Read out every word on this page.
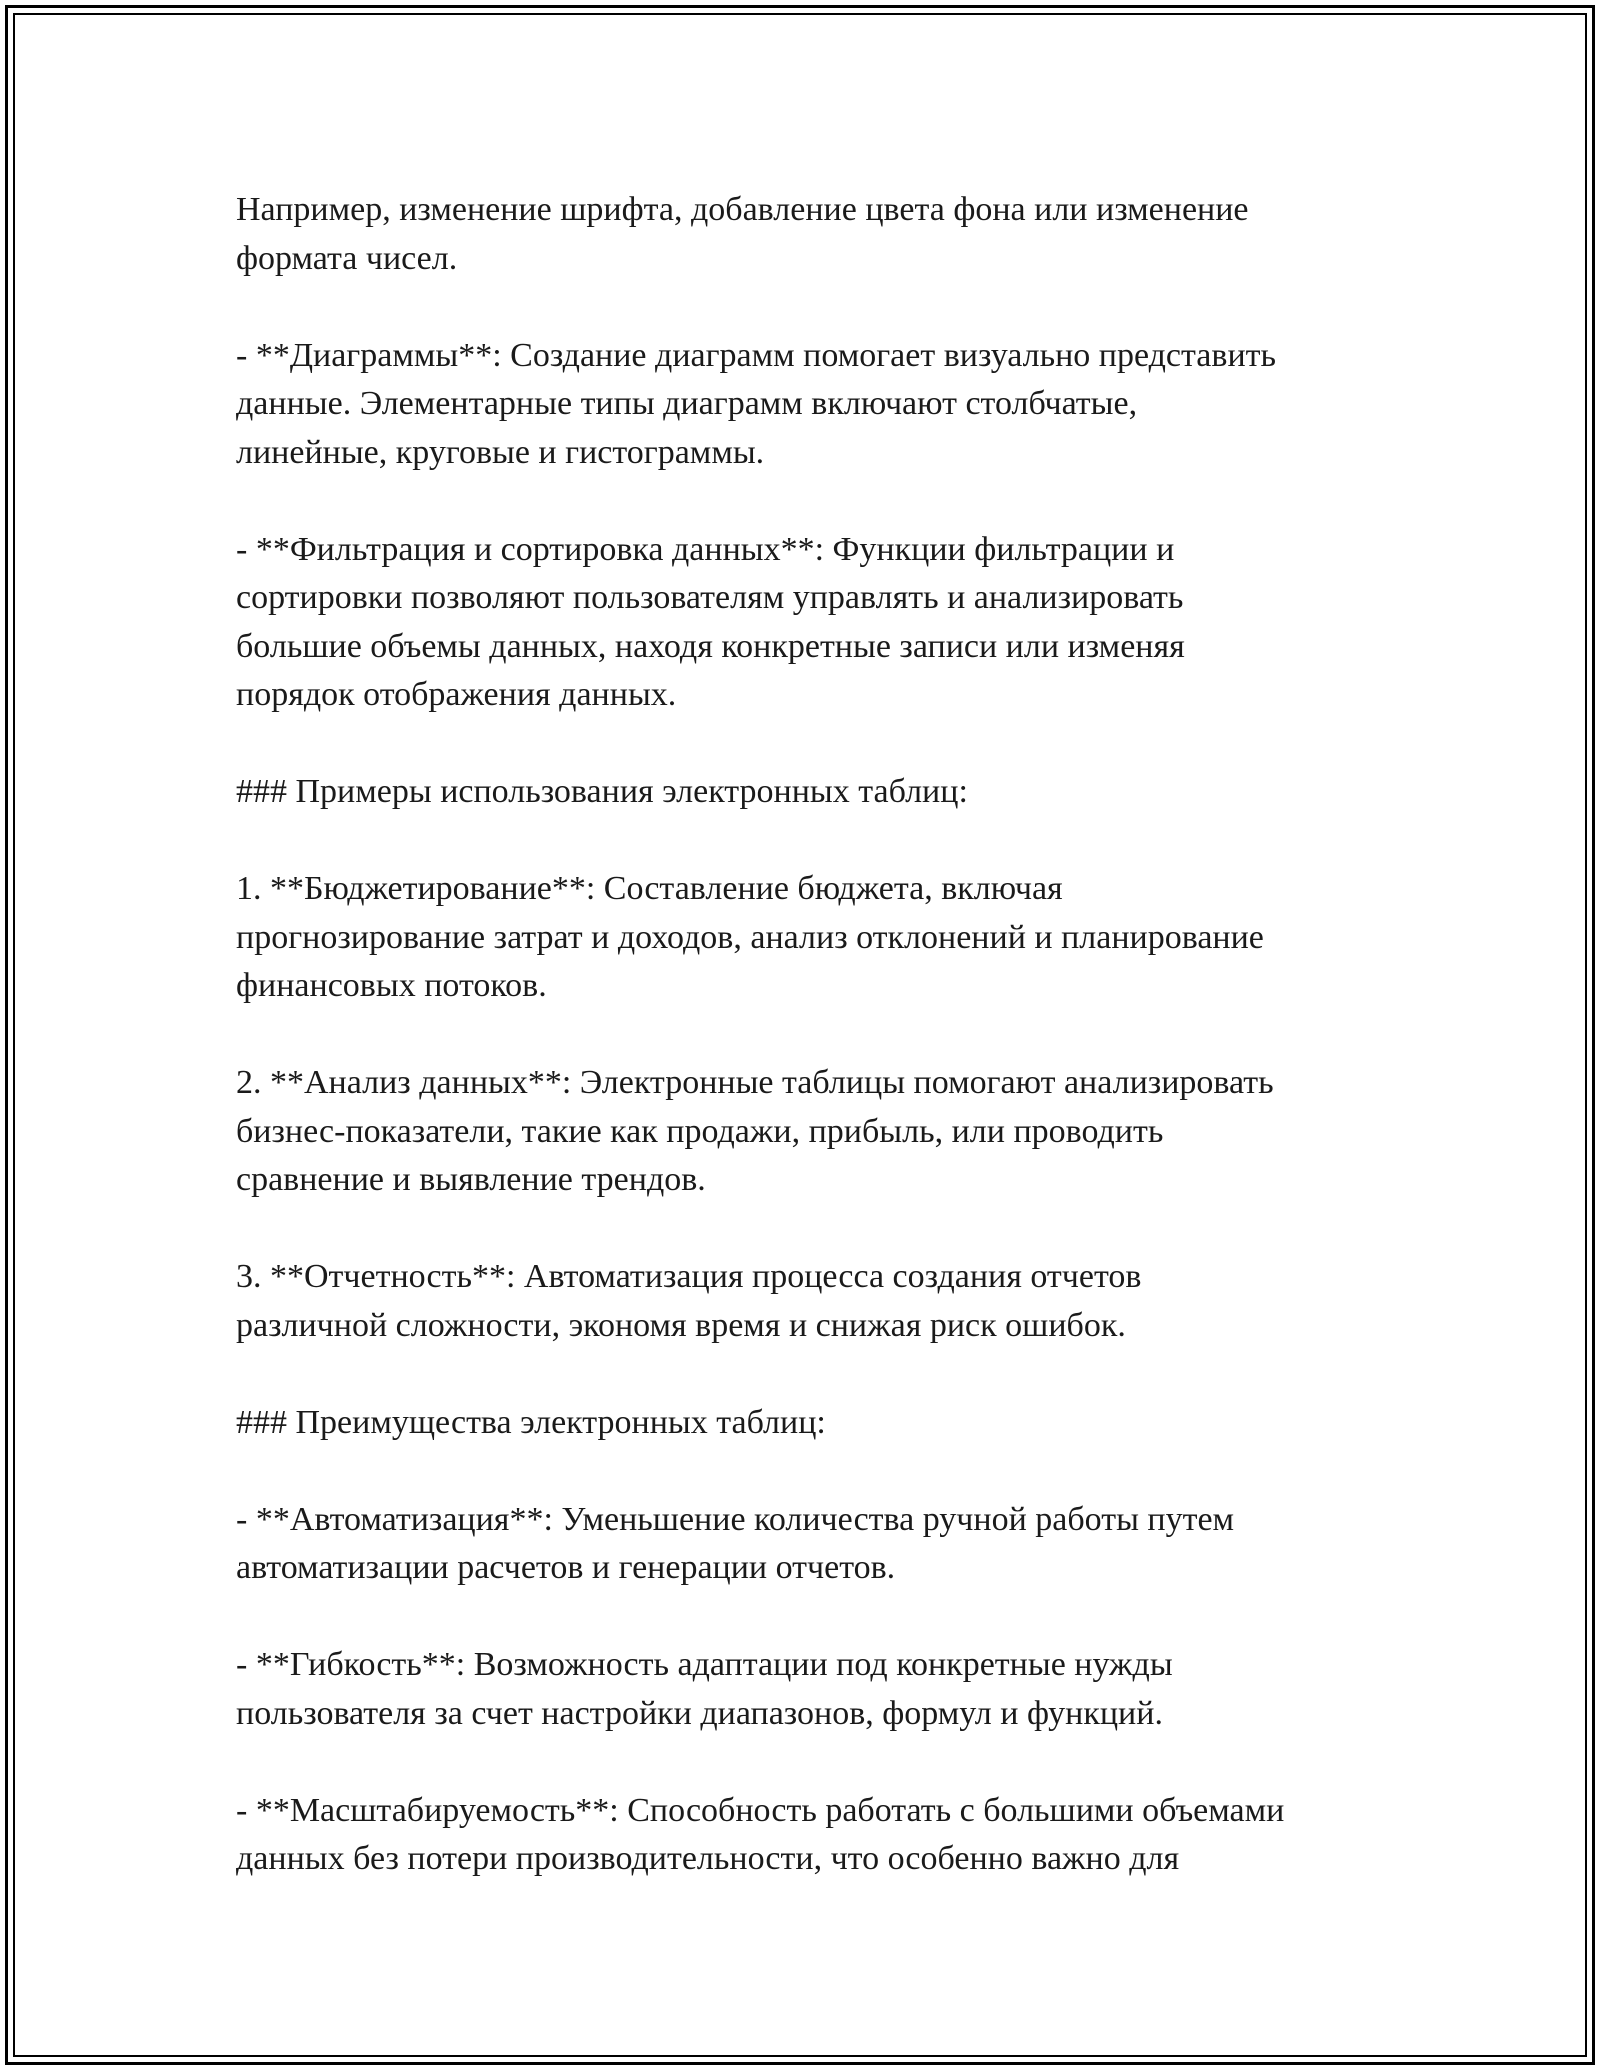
Например, изменение шрифта, добавление цвета фона или изменение
формата чисел.

- **Диаграммы**: Создание диаграмм помогает визуально представить
данные. Элементарные типы диаграмм включают столбчатые,
линейные, круговые и гистограммы.

- **Фильтрация и сортировка данных**: Функции фильтрации и
сортировки позволяют пользователям управлять и анализировать
большие объемы данных, находя конкретные записи или изменяя
порядок отображения данных.

### Примеры использования электронных таблиц:

1. **Бюджетирование**: Составление бюджета, включая
прогнозирование затрат и доходов, анализ отклонений и планирование
финансовых потоков.

2. **Анализ данных**: Электронные таблицы помогают анализировать
бизнес-показатели, такие как продажи, прибыль, или проводить
сравнение и выявление трендов.

3. **Отчетность**: Автоматизация процесса создания отчетов
различной сложности, экономя время и снижая риск ошибок.

### Преимущества электронных таблиц:

- **Автоматизация**: Уменьшение количества ручной работы путем
автоматизации расчетов и генерации отчетов.

- **Гибкость**: Возможность адаптации под конкретные нужды
пользователя за счет настройки диапазонов, формул и функций.

- **Масштабируемость**: Способность работать с большими объемами
данных без потери производительности, что особенно важно для
